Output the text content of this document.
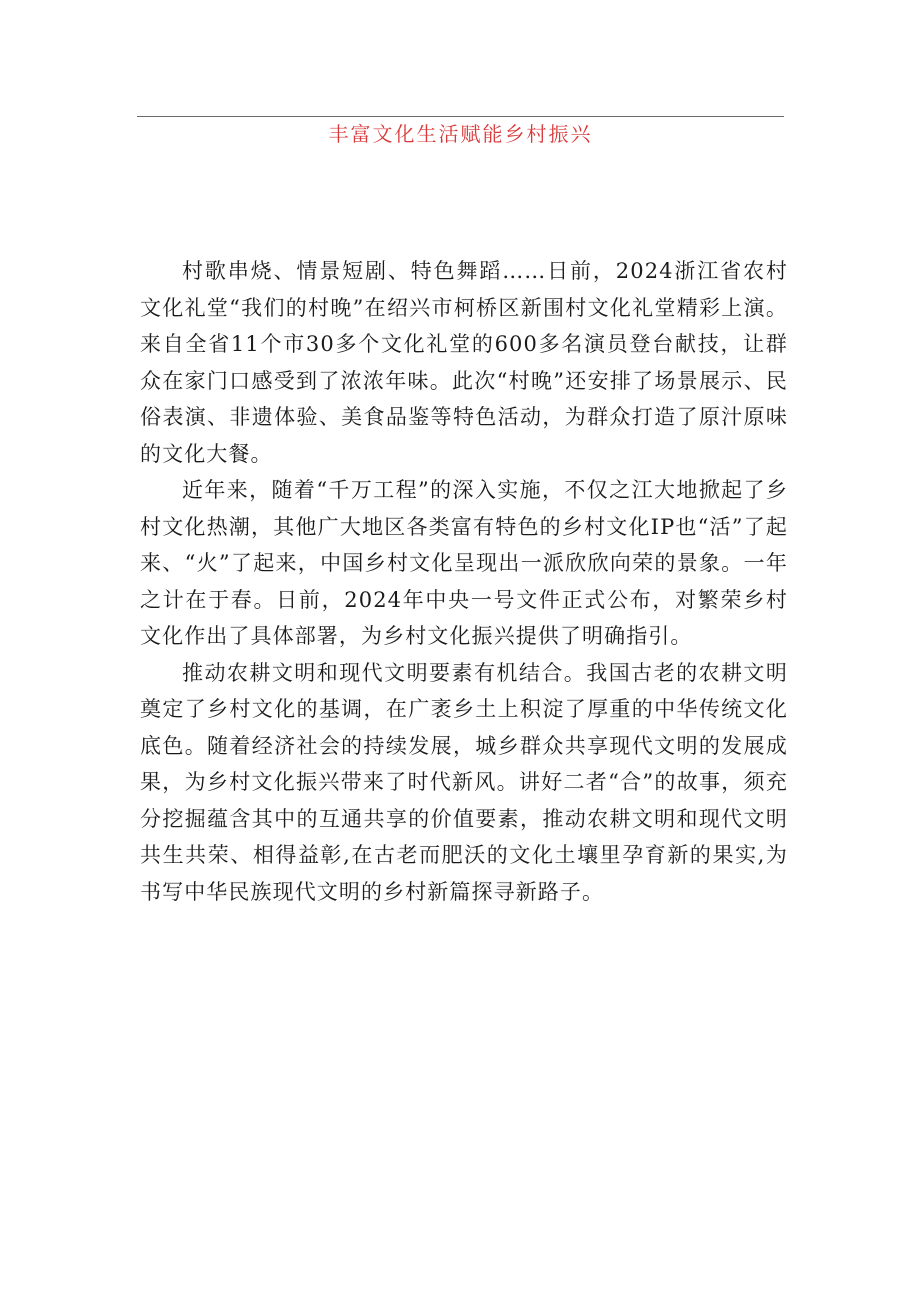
丰富文化生活赋能乡村振兴

村歌串烧、情景短剧、特色舞蹈……日前，2024浙江省农村文化礼堂“我们的村晚”在绍兴市柯桥区新围村文化礼堂精彩上演。来自全省11个市30多个文化礼堂的600多名演员登台献技，让群众在家门口感受到了浓浓年味。此次“村晚”还安排了场景展示、民俗表演、非遗体验、美食品鉴等特色活动，为群众打造了原汁原味的文化大餐。

近年来，随着“千万工程”的深入实施，不仅之江大地掀起了乡村文化热潮，其他广大地区各类富有特色的乡村文化IP也“活”了起来、“火”了起来，中国乡村文化呈现出一派欣欣向荣的景象。一年之计在于春。日前，2024年中央一号文件正式公布，对繁荣乡村文化作出了具体部署，为乡村文化振兴提供了明确指引。

推动农耕文明和现代文明要素有机结合。我国古老的农耕文明奠定了乡村文化的基调，在广袤乡土上积淀了厚重的中华传统文化底色。随着经济社会的持续发展，城乡群众共享现代文明的发展成果，为乡村文化振兴带来了时代新风。讲好二者“合”的故事，须充分挖掘蕴含其中的互通共享的价值要素，推动农耕文明和现代文明共生共荣、相得益彰,在古老而肥沃的文化土壤里孕育新的果实,为书写中华民族现代文明的乡村新篇探寻新路子。
